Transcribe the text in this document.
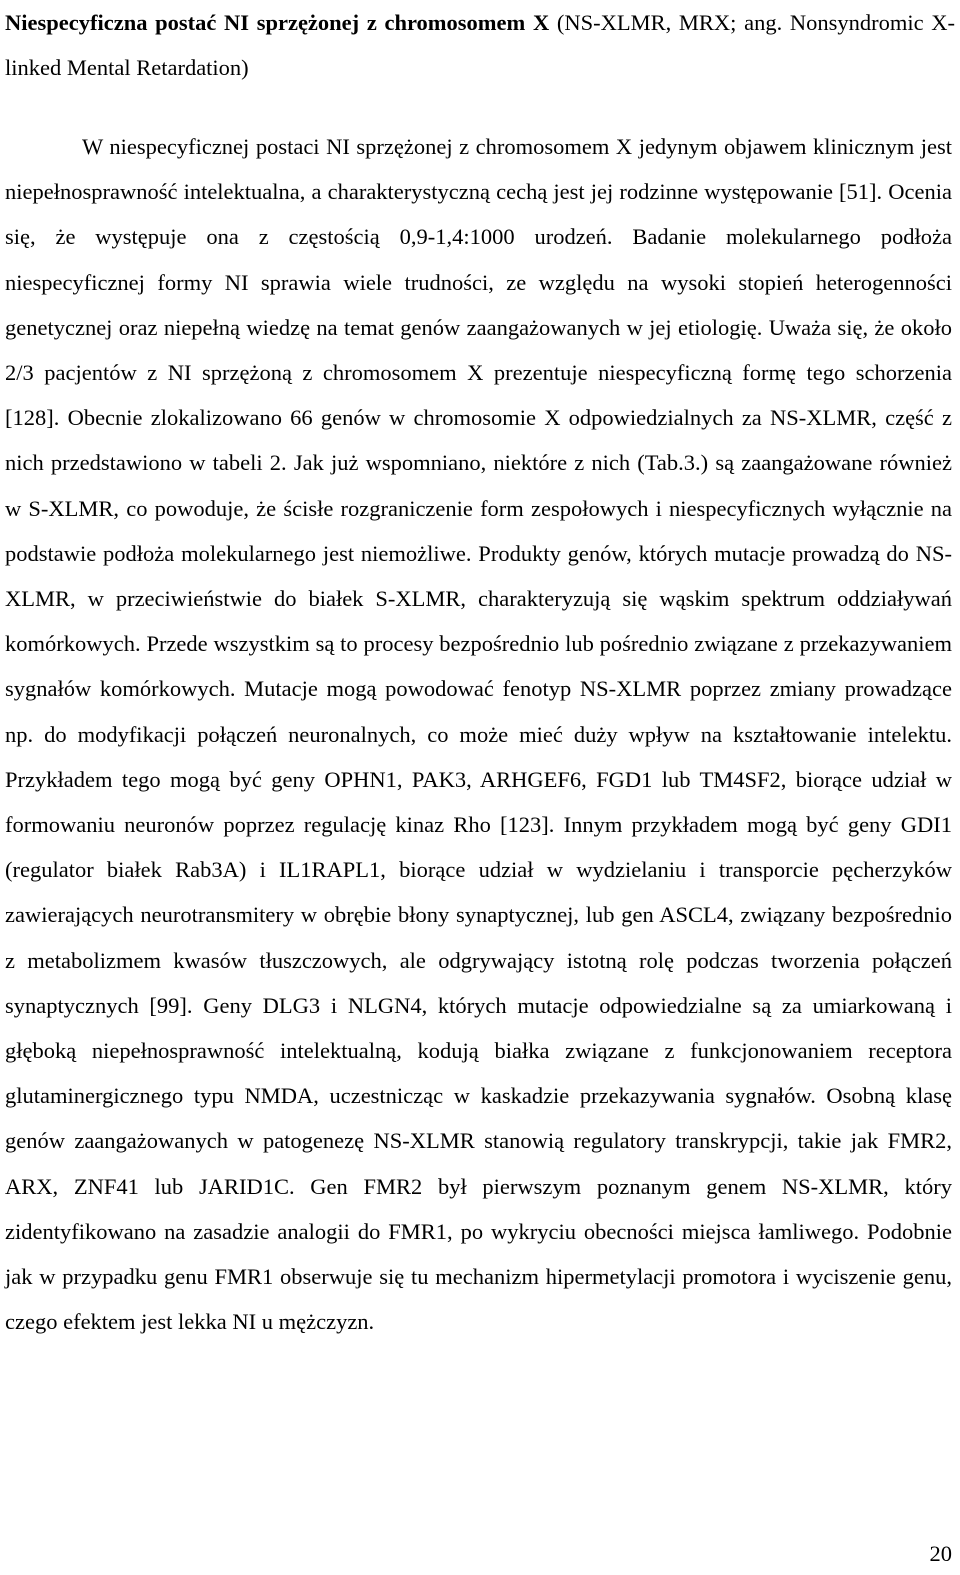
Niespecyficzna postać NI sprzężonej z chromosomem X (NS-XLMR, MRX; ang. Nonsyndromic X-linked Mental Retardation)

W niespecyficznej postaci NI sprzężonej z chromosomem X jedynym objawem klinicznym jest niepełnosprawność intelektualna, a charakterystyczną cechą jest jej rodzinne występowanie [51]. Ocenia się, że występuje ona z częstością 0,9-1,4:1000 urodzeń. Badanie molekularnego podłoża niespecyficznej formy NI sprawia wiele trudności, ze względu na wysoki stopień heterogenności genetycznej oraz niepełną wiedzę na temat genów zaangażowanych w jej etiologię. Uważa się, że około 2/3 pacjentów z NI sprzężoną z chromosomem X prezentuje niespecyficzną formę tego schorzenia [128]. Obecnie zlokalizowano 66 genów w chromosomie X odpowiedzialnych za NS-XLMR, część z nich przedstawiono w tabeli 2. Jak już wspomniano, niektóre z nich (Tab.3.) są zaangażowane również w S-XLMR, co powoduje, że ścisłe rozgraniczenie form zespołowych i niespecyficznych wyłącznie na podstawie podłoża molekularnego jest niemożliwe. Produkty genów, których mutacje prowadzą do NS-XLMR, w przeciwieństwie do białek S-XLMR, charakteryzują się wąskim spektrum oddziaływań komórkowych. Przede wszystkim są to procesy bezpośrednio lub pośrednio związane z przekazywaniem sygnałów komórkowych. Mutacje mogą powodować fenotyp NS-XLMR poprzez zmiany prowadzące np. do modyfikacji połączeń neuronalnych, co może mieć duży wpływ na kształtowanie intelektu. Przykładem tego mogą być geny OPHN1, PAK3, ARHGEF6, FGD1 lub TM4SF2, biorące udział w formowaniu neuronów poprzez regulację kinaz Rho [123]. Innym przykładem mogą być geny GDI1 (regulator białek Rab3A) i IL1RAPL1, biorące udział w wydzielaniu i transporcie pęcherzyków zawierających neurotransmitery w obrębie błony synaptycznej, lub gen ASCL4, związany bezpośrednio z metabolizmem kwasów tłuszczowych, ale odgrywający istotną rolę podczas tworzenia połączeń synaptycznych [99]. Geny DLG3 i NLGN4, których mutacje odpowiedzialne są za umiarkowaną i głęboką niepełnosprawność intelektualną, kodują białka związane z funkcjonowaniem receptora glutaminergicznego typu NMDA, uczestnicząc w kaskadzie przekazywania sygnałów. Osobną klasę genów zaangażowanych w patogenezę NS-XLMR stanowią regulatory transkrypcji, takie jak FMR2, ARX, ZNF41 lub JARID1C. Gen FMR2 był pierwszym poznanym genem NS-XLMR, który zidentyfikowano na zasadzie analogii do FMR1, po wykryciu obecności miejsca łamliwego. Podobnie jak w przypadku genu FMR1 obserwuje się tu mechanizm hipermetylacji promotora i wyciszenie genu, czego efektem jest lekka NI u mężczyzn.

20
